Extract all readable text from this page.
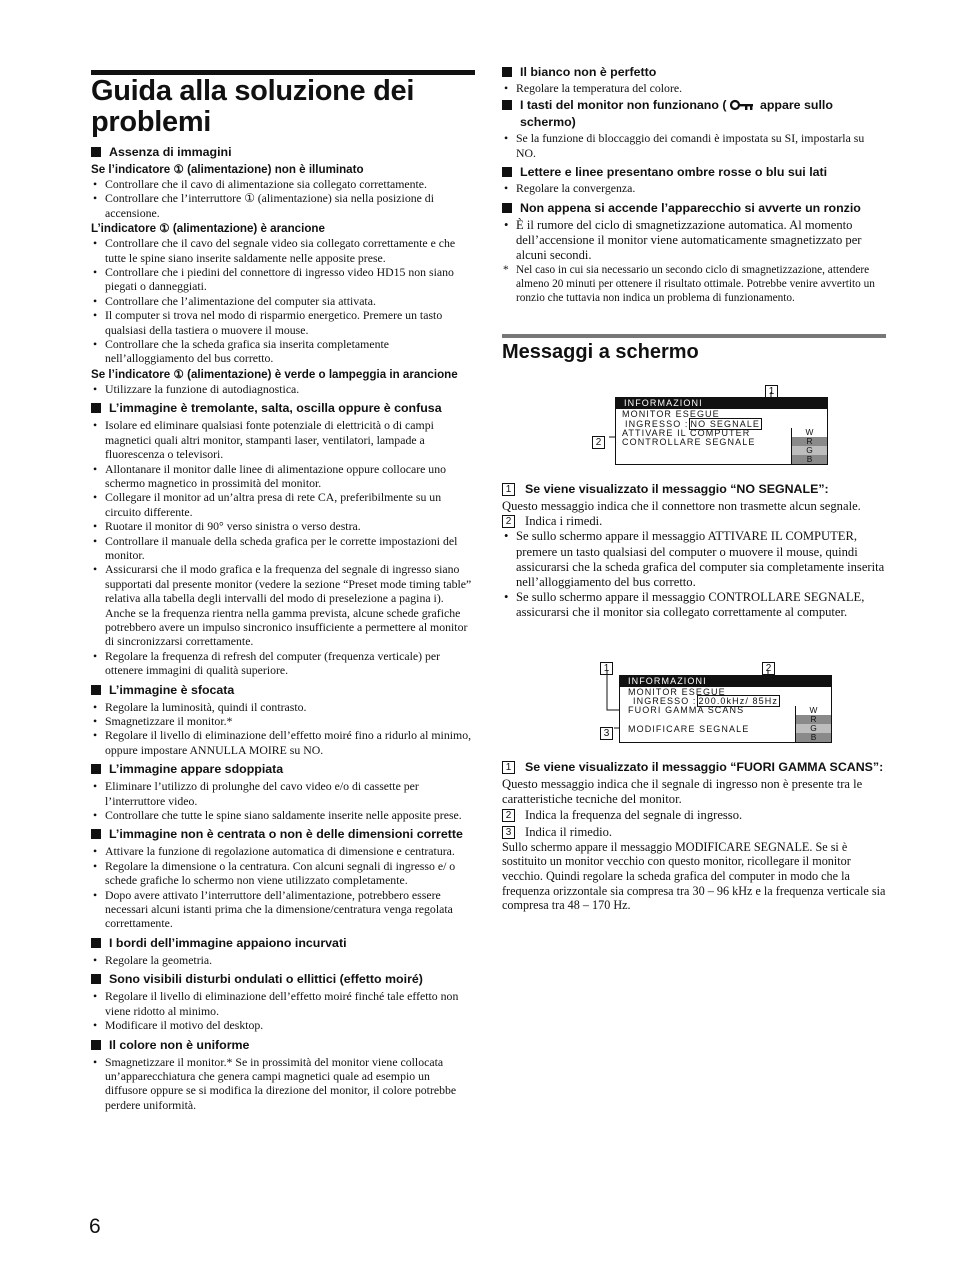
Guida alla soluzione dei problemi
Assenza di immagini
Se l’indicatore ① (alimentazione) non è illuminato
• Controllare che il cavo di alimentazione sia collegato correttamente.
• Controllare che l’interruttore ① (alimentazione) sia nella posizione di accensione.
L’indicatore ① (alimentazione) è arancione
• Controllare che il cavo del segnale video sia collegato correttamente e che tutte le spine siano inserite saldamente nelle apposite prese.
• Controllare che i piedini del connettore di ingresso video HD15 non siano piegati o danneggiati.
• Controllare che l’alimentazione del computer sia attivata.
• Il computer si trova nel modo di risparmio energetico. Premere un tasto qualsiasi della tastiera o muovere il mouse.
• Controllare che la scheda grafica sia inserita completamente nell’alloggiamento del bus corretto.
Se l’indicatore ① (alimentazione) è verde o lampeggia in arancione
• Utilizzare la funzione di autodiagnostica.
L’immagine è tremolante, salta, oscilla oppure è confusa
• Isolare ed eliminare qualsiasi fonte potenziale di elettricità o di campi magnetici quali altri monitor, stampanti laser, ventilatori, lampade a fluorescenza o televisori.
• Allontanare il monitor dalle linee di alimentazione oppure collocare uno schermo magnetico in prossimità del monitor.
• Collegare il monitor ad un’altra presa di rete CA, preferibilmente su un circuito differente.
• Ruotare il monitor di 90° verso sinistra o verso destra.
• Controllare il manuale della scheda grafica per le corrette impostazioni del monitor.
• Assicurarsi che il modo grafica e la frequenza del segnale di ingresso siano supportati dal presente monitor (vedere la sezione “Preset mode timing table” relativa alla tabella degli intervalli del modo di preselezione a pagina i). Anche se la frequenza rientra nella gamma prevista, alcune schede grafiche potrebbero avere un impulso sincronico insufficiente a permettere al monitor di sincronizzarsi correttamente.
• Regolare la frequenza di refresh del computer (frequenza verticale) per ottenere immagini di qualità superiore.
L’immagine è sfocata
• Regolare la luminosità, quindi il contrasto.
• Smagnetizzare il monitor.*
• Regolare il livello di eliminazione dell’effetto moiré fino a ridurlo al minimo, oppure impostare ANNULLA MOIRE su NO.
L’immagine appare sdoppiata
• Eliminare l’utilizzo di prolunghe del cavo video e/o di cassette per l’interruttore video.
• Controllare che tutte le spine siano saldamente inserite nelle apposite prese.
L’immagine non è centrata o non è delle dimensioni corrette
• Attivare la funzione di regolazione automatica di dimensione e centratura.
• Regolare la dimensione o la centratura. Con alcuni segnali di ingresso e/ o schede grafiche lo schermo non viene utilizzato completamente.
• Dopo avere attivato l’interruttore dell’alimentazione, potrebbero essere necessari alcuni istanti prima che la dimensione/centratura venga regolata correttamente.
I bordi dell’immagine appaiono incurvati
• Regolare la geometria.
Sono visibili disturbi ondulati o ellittici (effetto moiré)
• Regolare il livello di eliminazione dell’effetto moiré finché tale effetto non viene ridotto al minimo.
• Modificare il motivo del desktop.
Il colore non è uniforme
• Smagnetizzare il monitor.* Se in prossimità del monitor viene collocata un’apparecchiatura che genera campi magnetici quale ad esempio un diffusore oppure se si modifica la direzione del monitor, il colore potrebbe perdere uniformità.
Il bianco non è perfetto
• Regolare la temperatura del colore.
I tasti del monitor non funzionano ( appare sullo schermo)
• Se la funzione di bloccaggio dei comandi è impostata su SI, impostarla su NO.
Lettere e linee presentano ombre rosse o blu sui lati
• Regolare la convergenza.
Non appena si accende l’apparecchio si avverte un ronzio
• È il rumore del ciclo di smagnetizzazione automatica. Al momento dell’accensione il monitor viene automaticamente smagnetizzato per alcuni secondi.
* Nel caso in cui sia necessario un secondo ciclo di smagnetizzazione, attendere almeno 20 minuti per ottenere il risultato ottimale. Potrebbe venire avvertito un ronzio che tuttavia non indica un problema di funzionamento.
Messaggi a schermo
1
2
INFORMAZIONI
MONITOR ESEGUE
INGRESSO : NO SEGNALE
ATTIVARE IL COMPUTER
CONTROLLARE SEGNALE
W
R
G
B
1 Se viene visualizzato il messaggio “NO SEGNALE”:
Questo messaggio indica che il connettore non trasmette alcun segnale.
2 Indica i rimedi.
• Se sullo schermo appare il messaggio ATTIVARE IL COMPUTER, premere un tasto qualsiasi del computer o muovere il mouse, quindi assicurarsi che la scheda grafica del computer sia completamente inserita nell’alloggiamento del bus corretto.
• Se sullo schermo appare il messaggio CONTROLLARE SEGNALE, assicurarsi che il monitor sia collegato correttamente al computer.
1	2
3
INFORMAZIONI
MONITOR ESEGUE
INGRESSO : 200.0kHz/ 85Hz
FUORI GAMMA SCANS
MODIFICARE SEGNALE
W
R
G
B
1 Se viene visualizzato il messaggio “FUORI GAMMA SCANS”:
Questo messaggio indica che il segnale di ingresso non è presente tra le caratteristiche tecniche del monitor.
2 Indica la frequenza del segnale di ingresso.
3 Indica il rimedio.
Sullo schermo appare il messaggio MODIFICARE SEGNALE. Se si è sostituito un monitor vecchio con questo monitor, ricollegare il monitor vecchio. Quindi regolare la scheda grafica del computer in modo che la frequenza orizzontale sia compresa tra 30 – 96 kHz e la frequenza verticale sia compresa tra 48 – 170 Hz.
6
